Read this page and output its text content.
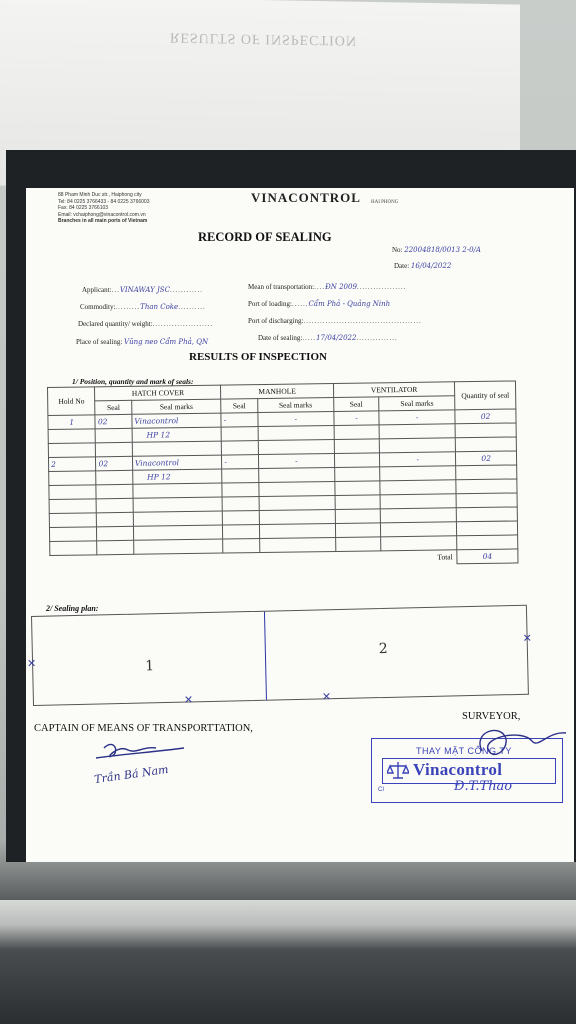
RESULTS OF INSPECTION
88 Pham Minh Duc str., Haiphong city
Tel: 84 0225 3766433 - 84 0225 3766003
Fax: 84 0225 3766103
Email: vchaiphong@vinacontrol.com.vn
Branches in all main ports of Vietnam
VINACONTROL HAI PHONG
RECORD OF SEALING
No: 22004818/0013 2-0/A
Date: 16/04/2022
Applicant:...VINAWAY JSC............	Mean of transportation:....ĐN 2009..................
Commodity:.........Than Coke..........	Port of loading:......Cẩm Phả - Quảng Ninh
Declared quantity/ weight:......................	Port of discharging:...........................................
Place of sealing: Vũng neo Cẩm Phả, QN	Date of sealing:.....17/04/2022...............
RESULTS OF INSPECTION
1/ Position, quantity and mark of seals:
Hold No	HATCH COVER		MANHOLE		VENTILATOR		Quantity of seal
	Seal	Seal marks	Seal	Seal marks	Seal	Seal marks	
1	02	Vinacontrol	-	-	-	-	02
		HP 12					

2	02	Vinacontrol	-	-		-	02
		HP 12					

Total							04
2/ Sealing plan:
1
2
✕
✕	✕
✕
CAPTAIN OF MEANS OF TRANSPORTTATION,
SURVEYOR,
Trần Bá Nam
THAY MẶT CÔNG TY
Vinacontrol
CI	Đ.T.Thao
